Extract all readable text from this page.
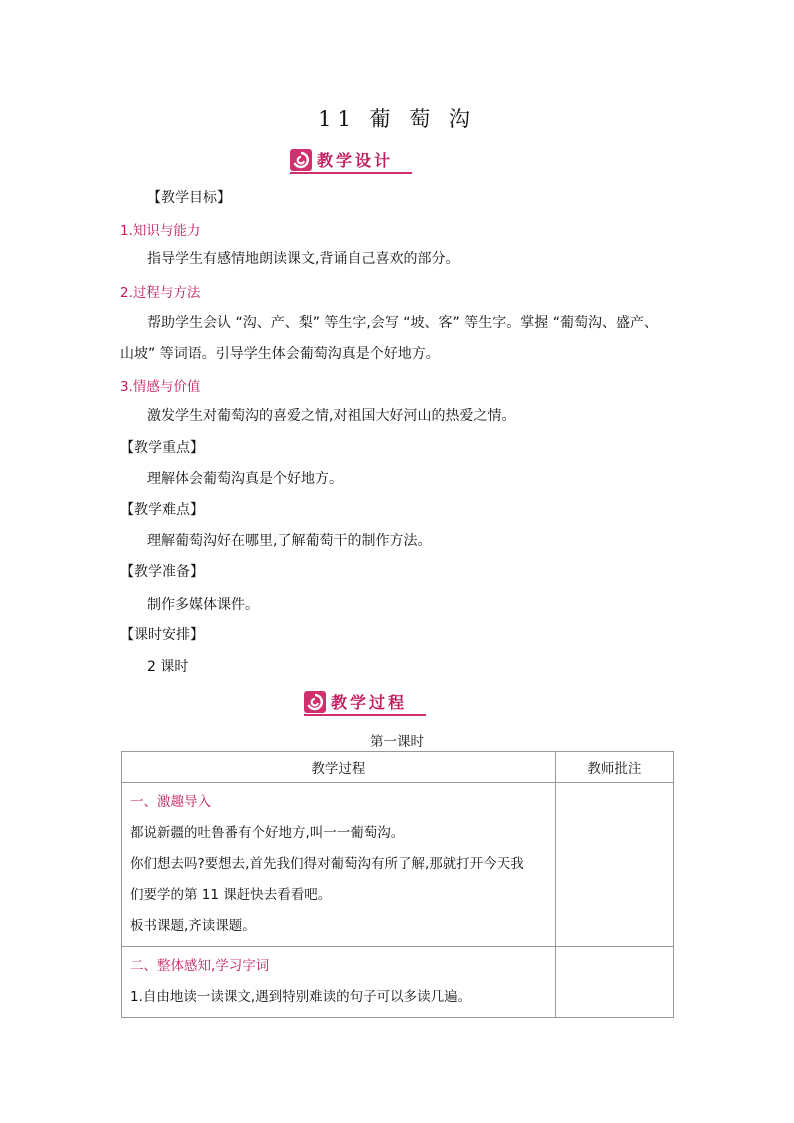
11 葡 萄 沟
教学设计
【教学目标】
1.知识与能力
指导学生有感情地朗读课文,背诵自己喜欢的部分。
2.过程与方法
帮助学生会认 “沟、产、梨” 等生字,会写 “坡、客” 等生字。掌握 “葡萄沟、盛产、
山坡” 等词语。引导学生体会葡萄沟真是个好地方。
3.情感与价值
激发学生对葡萄沟的喜爱之情,对祖国大好河山的热爱之情。
【教学重点】
理解体会葡萄沟真是个好地方。
【教学难点】
理解葡萄沟好在哪里,了解葡萄干的制作方法。
【教学准备】
制作多媒体课件。
【课时安排】
2 课时
教学过程
第一课时
教学过程	教师批注

一、激趣导入
都说新疆的吐鲁番有个好地方,叫一一葡萄沟。
你们想去吗?要想去,首先我们得对葡萄沟有所了解,那就打开今天我
们要学的第 11 课赶快去看看吧。
板书课题,齐读课题。	

二、整体感知,学习字词
1.自由地读一读课文,遇到特别难读的句子可以多读几遍。	
